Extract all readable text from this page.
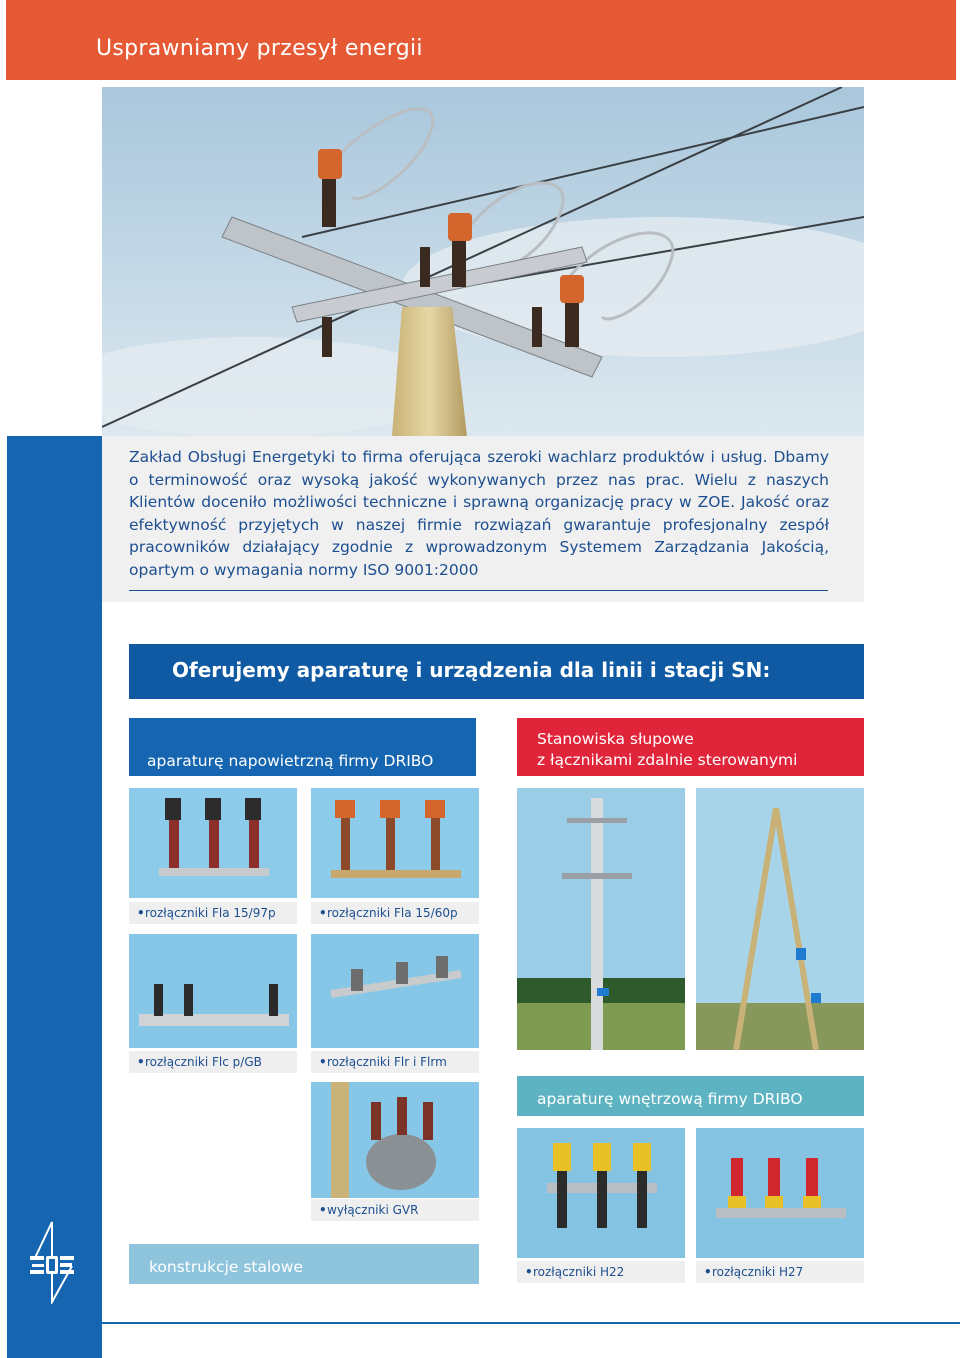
Usprawniamy przesył energii
Zakład Obsługi Energetyki to firma oferująca szeroki wachlarz produktów i usług. Dbamy o terminowość oraz wysoką jakość wykonywanych przez nas prac. Wielu z naszych Klientów doceniło możliwości techniczne i sprawną organizację pracy w ZOE. Jakość oraz efektywność przyjętych w naszej firmie rozwiązań gwarantuje profesjonalny zespół pracowników działający zgodnie z wprowadzonym Systemem Zarządzania Jakością, opartym o wymagania normy ISO 9001:2000
Oferujemy aparaturę i urządzenia dla linii i stacji SN:
aparaturę napowietrzną firmy DRIBO
Stanowiska słupowe
z łącznikami zdalnie sterowanymi
aparaturę wnętrzową firmy DRIBO
konstrukcje stalowe
• rozłączniki Fla 15/97p	• rozłączniki Fla 15/60p
• rozłączniki Flc p/GB	• rozłączniki Flr i Flrm
• wyłączniki GVR
• rozłączniki H22	• rozłączniki H27
